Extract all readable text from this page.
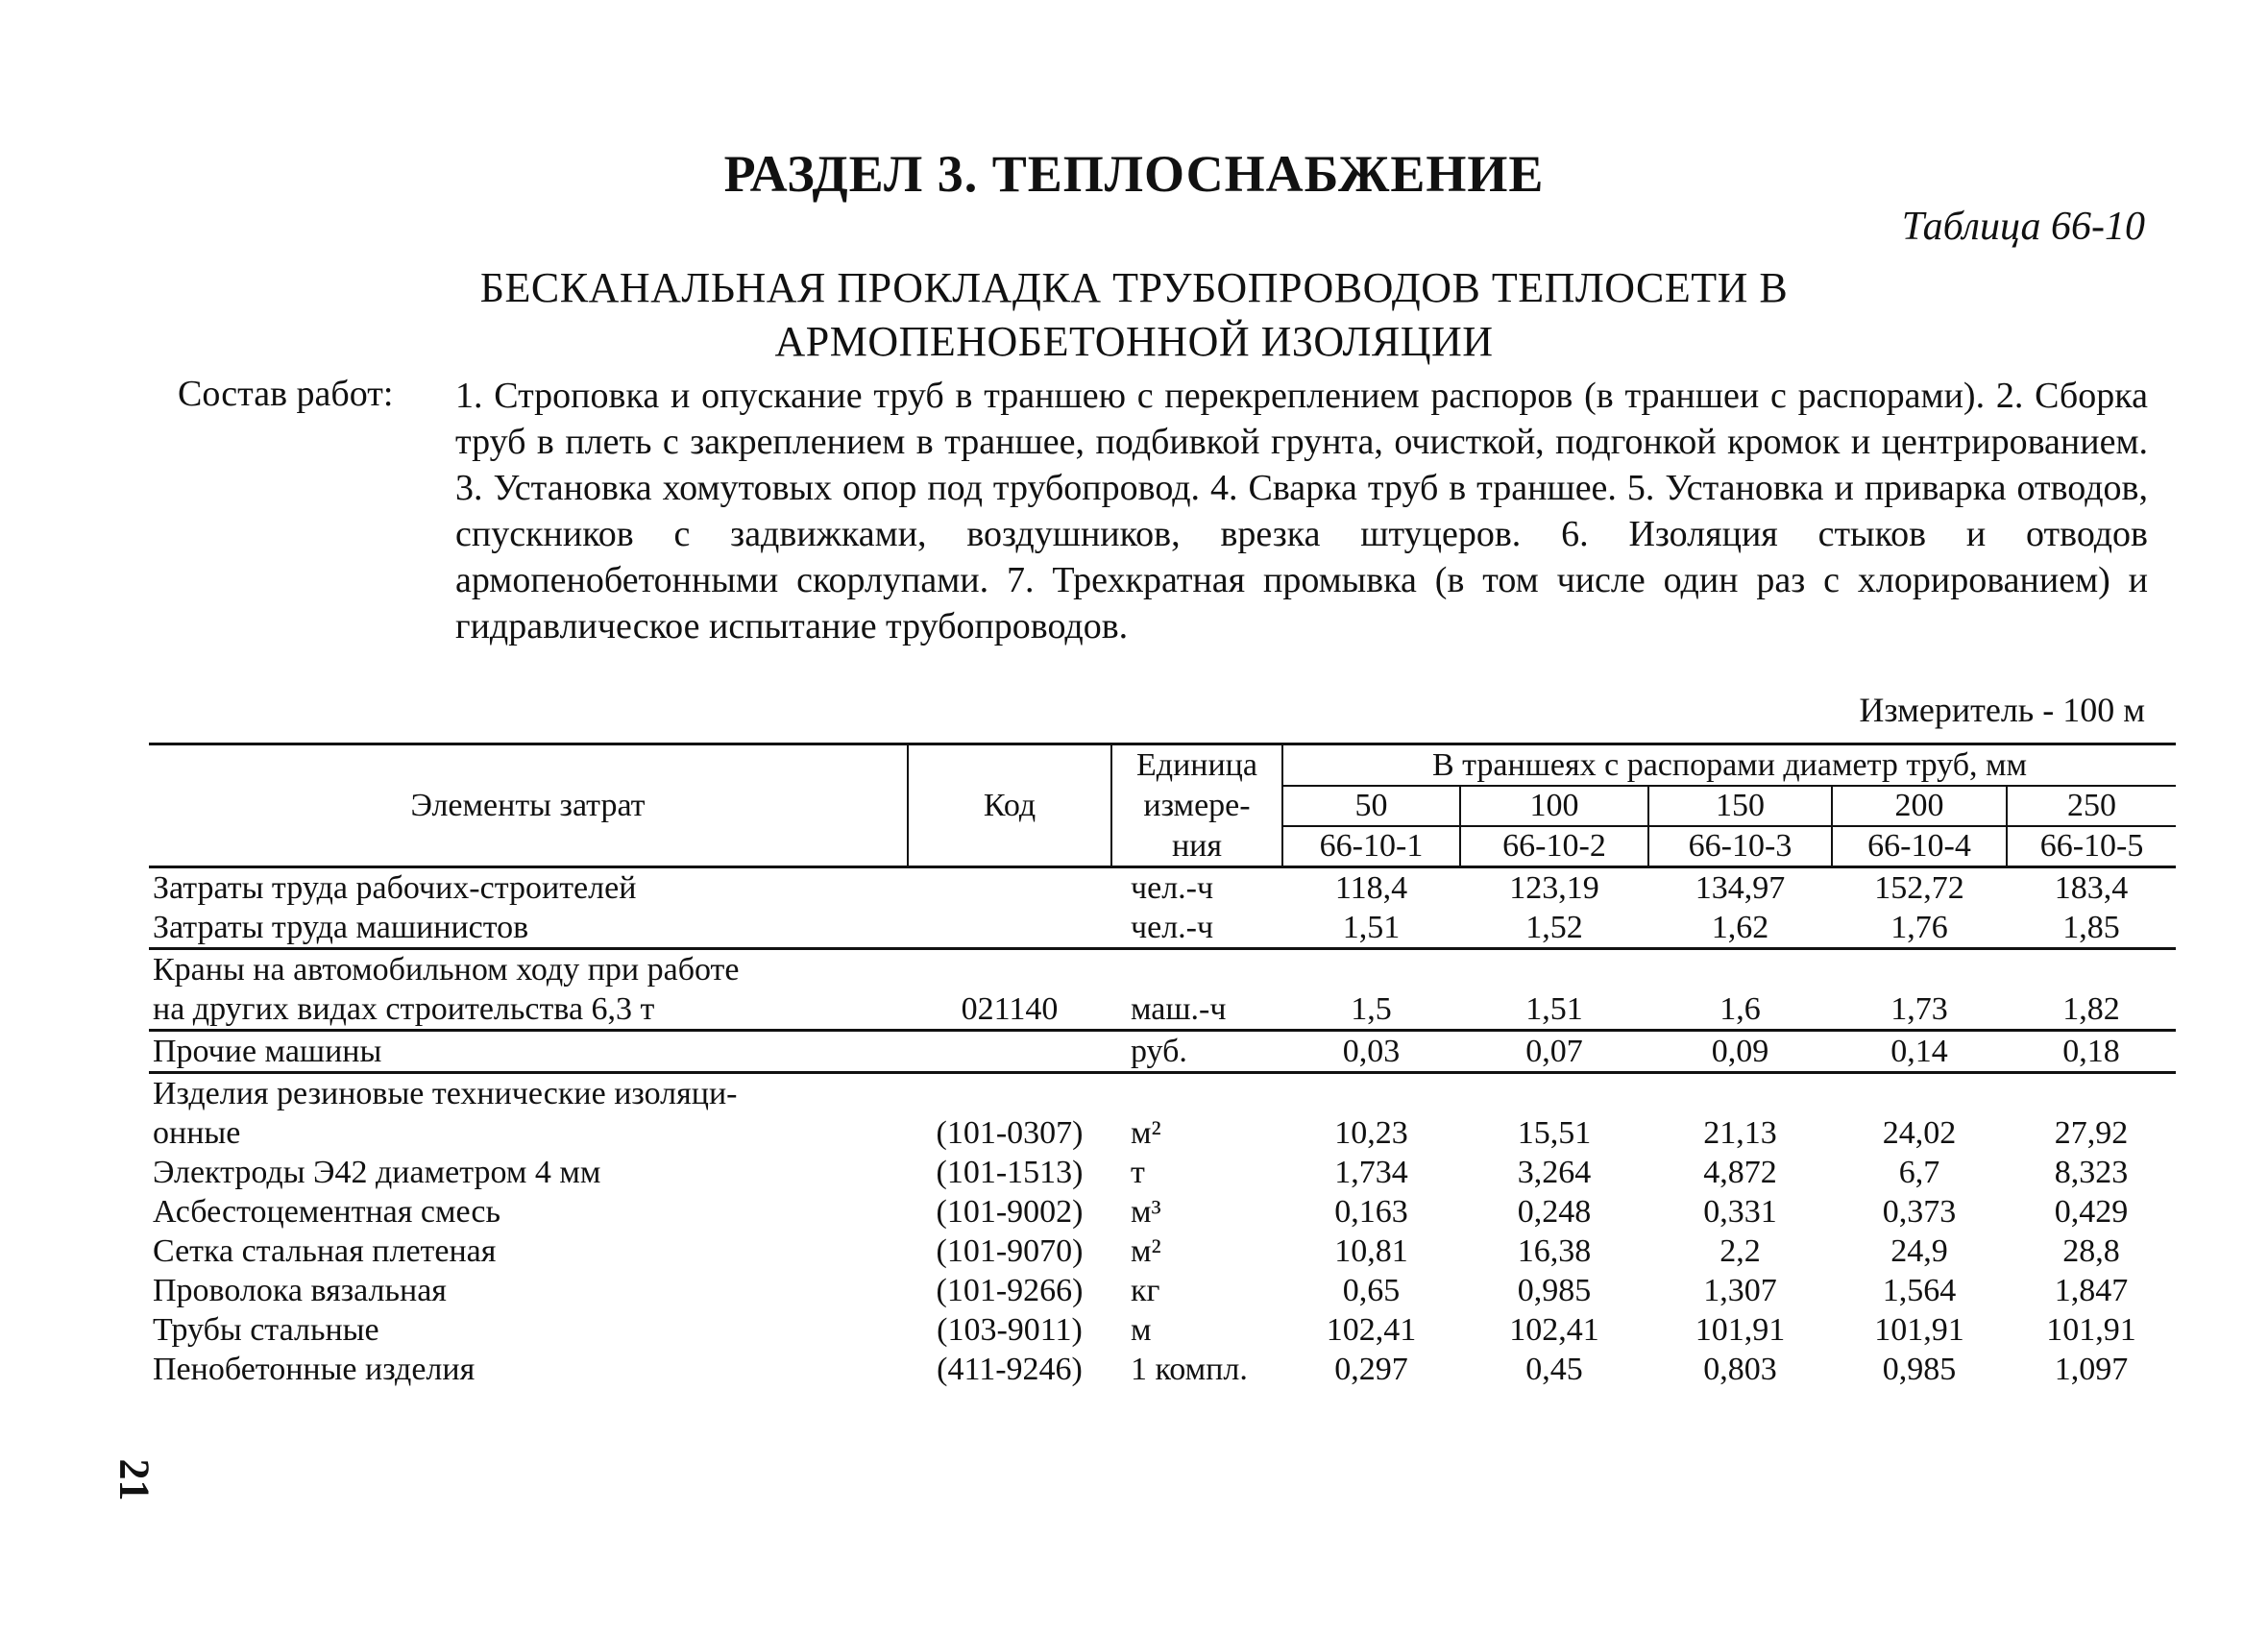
РАЗДЕЛ 3. ТЕПЛОСНАБЖЕНИЕ
Таблица 66-10
БЕСКАНАЛЬНАЯ ПРОКЛАДКА ТРУБОПРОВОДОВ ТЕПЛОСЕТИ В
АРМОПЕНОБЕТОННОЙ ИЗОЛЯЦИИ
Состав работ: 1. Строповка и опускание труб в траншею с перекреплением распоров (в траншеи с распорами). 2. Сборка труб в плеть с закреплением в траншее, подбивкой грунта, очисткой, подгонкой кромок и центрированием. 3. Установка хомутовых опор под трубопровод. 4. Сварка труб в траншее. 5. Установка и приварка отводов, спускников с задвижками, воздушников, врезка штуцеров. 6. Изоляция стыков и отводов армопенобетонными скорлупами. 7. Трехкратная промывка (в том числе один раз с хлорированием) и гидравлическое испытание трубопроводов.
Измеритель - 100 м
Элементы затрат	Код	Единица	В траншеях с распорами диаметр труб, мм				
		измере-	50	100	150	200	250
		ния	66-10-1	66-10-2	66-10-3	66-10-4	66-10-5
Затраты труда рабочих-строителей		чел.-ч	118,4	123,19	134,97	152,72	183,4
Затраты труда машинистов		чел.-ч	1,51	1,52	1,62	1,76	1,85
Краны на автомобильном ходу при работе							
на других видах строительства 6,3 т	021140	маш.-ч	1,5	1,51	1,6	1,73	1,82
Прочие машины		руб.	0,03	0,07	0,09	0,14	0,18
Изделия резиновые технические изоляци-							
онные	(101-0307)	м²	10,23	15,51	21,13	24,02	27,92
Электроды Э42 диаметром 4 мм	(101-1513)	т	1,734	3,264	4,872	6,7	8,323
Асбестоцементная смесь	(101-9002)	м³	0,163	0,248	0,331	0,373	0,429
Сетка стальная плетеная	(101-9070)	м²	10,81	16,38	2,2	24,9	28,8
Проволока вязальная	(101-9266)	кг	0,65	0,985	1,307	1,564	1,847
Трубы стальные	(103-9011)	м	102,41	102,41	101,91	101,91	101,91
Пенобетонные изделия	(411-9246)	1 компл.	0,297	0,45	0,803	0,985	1,097
21
